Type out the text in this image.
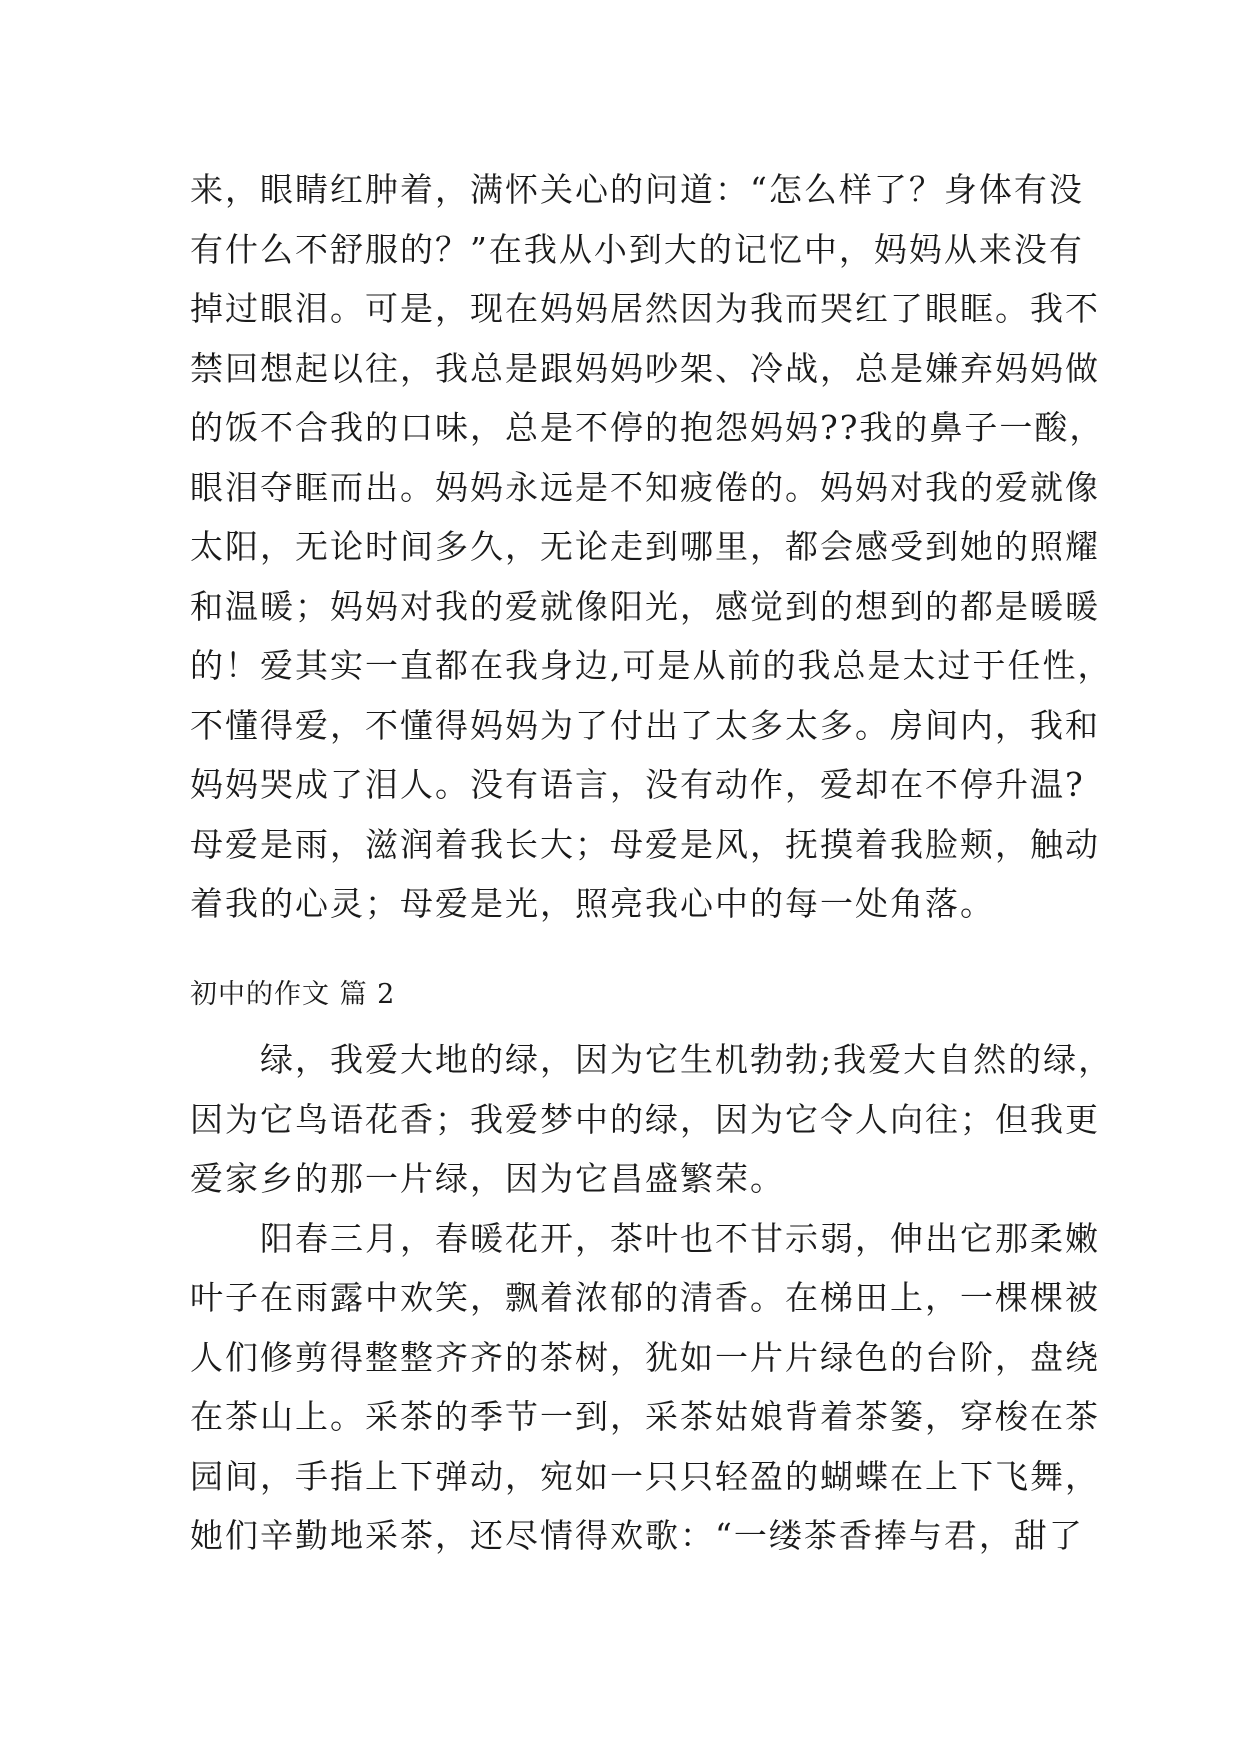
来，眼睛红肿着，满怀关心的问道：“怎么样了？身体有没
有什么不舒服的？”在我从小到大的记忆中，妈妈从来没有
掉过眼泪。可是，现在妈妈居然因为我而哭红了眼眶。我不
禁回想起以往，我总是跟妈妈吵架、冷战，总是嫌弃妈妈做
的饭不合我的口味，总是不停的抱怨妈妈??我的鼻子一酸，
眼泪夺眶而出。妈妈永远是不知疲倦的。妈妈对我的爱就像
太阳，无论时间多久，无论走到哪里，都会感受到她的照耀
和温暖；妈妈对我的爱就像阳光，感觉到的想到的都是暖暖
的！爱其实一直都在我身边,可是从前的我总是太过于任性，
不懂得爱，不懂得妈妈为了付出了太多太多。房间内，我和
妈妈哭成了泪人。没有语言，没有动作，爱却在不停升温?
母爱是雨，滋润着我长大；母爱是风，抚摸着我脸颊，触动
着我的心灵；母爱是光，照亮我心中的每一处角落。
初中的作文 篇 2
　　绿，我爱大地的绿，因为它生机勃勃;我爱大自然的绿，
因为它鸟语花香；我爱梦中的绿，因为它令人向往；但我更
爱家乡的那一片绿，因为它昌盛繁荣。
　　阳春三月，春暖花开，茶叶也不甘示弱，伸出它那柔嫩
叶子在雨露中欢笑，飘着浓郁的清香。在梯田上，一棵棵被
人们修剪得整整齐齐的茶树，犹如一片片绿色的台阶，盘绕
在茶山上。采茶的季节一到，采茶姑娘背着茶篓，穿梭在茶
园间，手指上下弹动，宛如一只只轻盈的蝴蝶在上下飞舞，
她们辛勤地采茶，还尽情得欢歌：“一缕茶香捧与君，甜了
